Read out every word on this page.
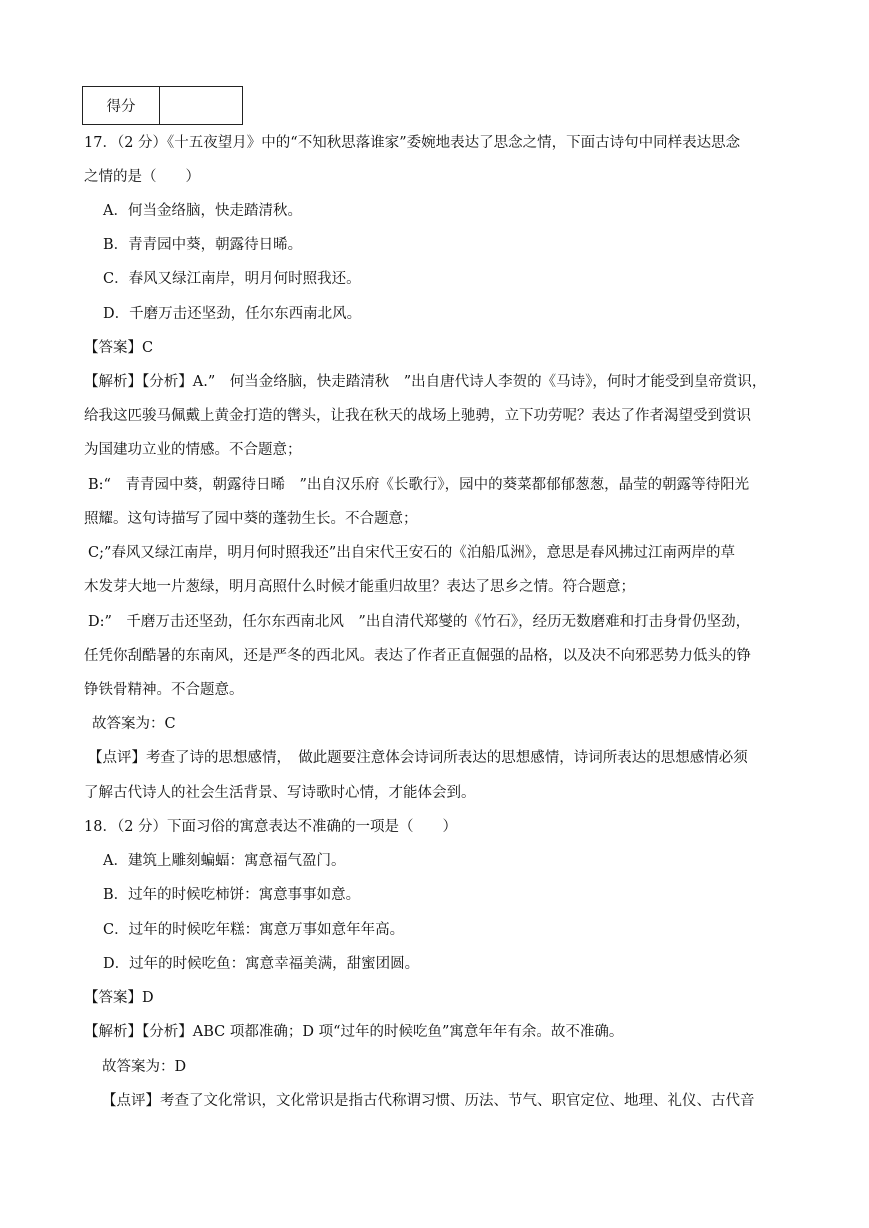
得分	
17．（2 分）《十五夜望月》中的“不知秋思落谁家”委婉地表达了思念之情，下面古诗句中同样表达思念
之情的是（　　）
A．何当金络脑，快走踏清秋。
B．青青园中葵，朝露待日晞。
C．春风又绿江南岸，明月何时照我还。
D．千磨万击还坚劲，任尔东西南北风。
【答案】C
【解析】【分析】A.”　何当金络脑，快走踏清秋　”出自唐代诗人李贺的《马诗》，何时才能受到皇帝赏识，
给我这匹骏马佩戴上黄金打造的辔头，让我在秋天的战场上驰骋，立下功劳呢？表达了作者渴望受到赏识
为国建功立业的情感。不合题意；
B:“　青青园中葵，朝露待日晞　”出自汉乐府《长歌行》，园中的葵菜都郁郁葱葱，晶莹的朝露等待阳光
照耀。这句诗描写了园中葵的蓬勃生长。不合题意；
C;”春风又绿江南岸，明月何时照我还”出自宋代王安石的《泊船瓜洲》，意思是春风拂过江南两岸的草
木发芽大地一片葱绿，明月高照什么时候才能重归故里？表达了思乡之情。符合题意；
D:”　千磨万击还坚劲，任尔东西南北风　”出自清代郑燮的《竹石》，经历无数磨难和打击身骨仍坚劲，
任凭你刮酷暑的东南风，还是严冬的西北风。表达了作者正直倔强的品格，以及决不向邪恶势力低头的铮
铮铁骨精神。不合题意。
故答案为：C
【点评】考查了诗的思想感情，　做此题要注意体会诗词所表达的思想感情，诗词所表达的思想感情必须
了解古代诗人的社会生活背景、写诗歌时心情，才能体会到。
18．（2 分）下面习俗的寓意表达不准确的一项是（　　）
A．建筑上雕刻蝙蝠：寓意福气盈门。
B．过年的时候吃柿饼：寓意事事如意。
C．过年的时候吃年糕：寓意万事如意年年高。
D．过年的时候吃鱼：寓意幸福美满，甜蜜团圆。
【答案】D
【解析】【分析】ABC 项都准确；D 项“过年的时候吃鱼”寓意年年有余。故不准确。
故答案为：D
【点评】考查了文化常识，文化常识是指古代称谓习惯、历法、节气、职官定位、地理、礼仪、古代音
